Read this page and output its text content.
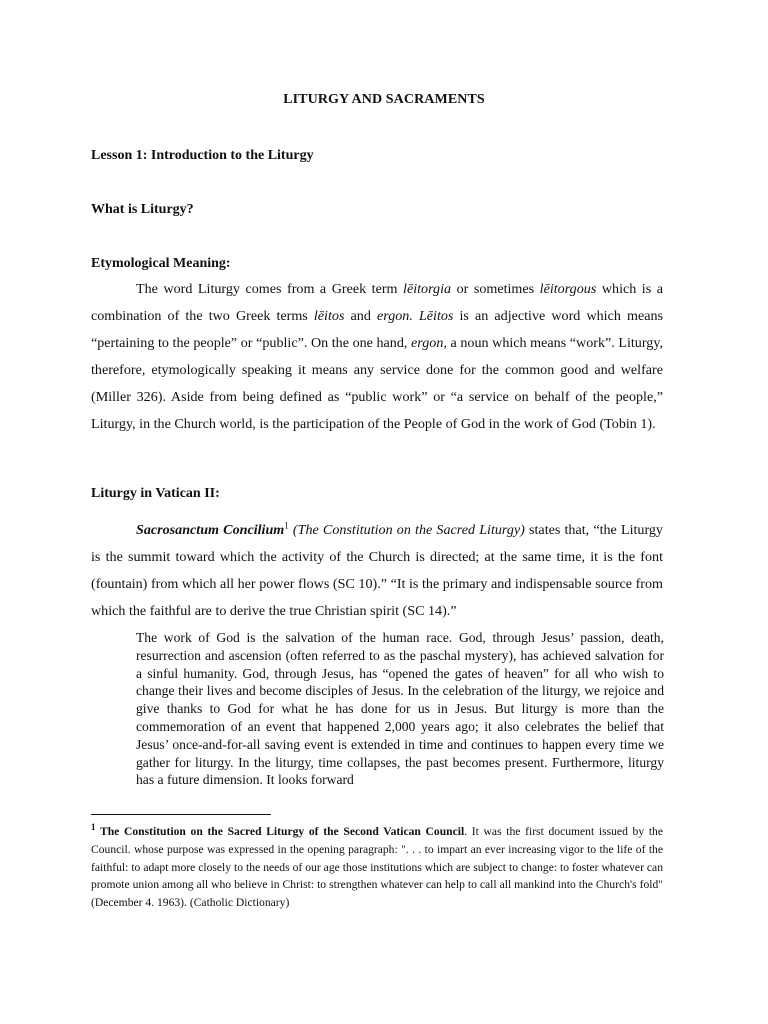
LITURGY AND SACRAMENTS
Lesson 1: Introduction to the Liturgy
What is Liturgy?
Etymological Meaning:
The word Liturgy comes from a Greek term lēitorgia or sometimes lēitorgous which is a combination of the two Greek terms lēitos and ergon. Lēitos is an adjective word which means “pertaining to the people” or “public”. On the one hand, ergon, a noun which means “work”. Liturgy, therefore, etymologically speaking it means any service done for the common good and welfare (Miller 326). Aside from being defined as “public work” or “a service on behalf of the people,” Liturgy, in the Church world, is the participation of the People of God in the work of God (Tobin 1).
Liturgy in Vatican II:
Sacrosanctum Concilium$^1$ (The Constitution on the Sacred Liturgy) states that, “the Liturgy is the summit toward which the activity of the Church is directed; at the same time, it is the font (fountain) from which all her power flows (SC 10).” “It is the primary and indispensable source from which the faithful are to derive the true Christian spirit (SC 14).”
The work of God is the salvation of the human race. God, through Jesus’ passion, death, resurrection and ascension (often referred to as the paschal mystery), has achieved salvation for a sinful humanity. God, through Jesus, has “opened the gates of heaven” for all who wish to change their lives and become disciples of Jesus. In the celebration of the liturgy, we rejoice and give thanks to God for what he has done for us in Jesus. But liturgy is more than the commemoration of an event that happened 2,000 years ago; it also celebrates the belief that Jesus’ once-and-for-all saving event is extended in time and continues to happen every time we gather for liturgy. In the liturgy, time collapses, the past becomes present. Furthermore, liturgy has a future dimension. It looks forward
$^1$ The Constitution on the Sacred Liturgy of the Second Vatican Council. It was the first document issued by the Council. whose purpose was expressed in the opening paragraph: ". . . to impart an ever increasing vigor to the life of the faithful: to adapt more closely to the needs of our age those institutions which are subject to change: to foster whatever can promote union among all who believe in Christ: to strengthen whatever can help to call all mankind into the Church's fold" (December 4. 1963). (Catholic Dictionary)
